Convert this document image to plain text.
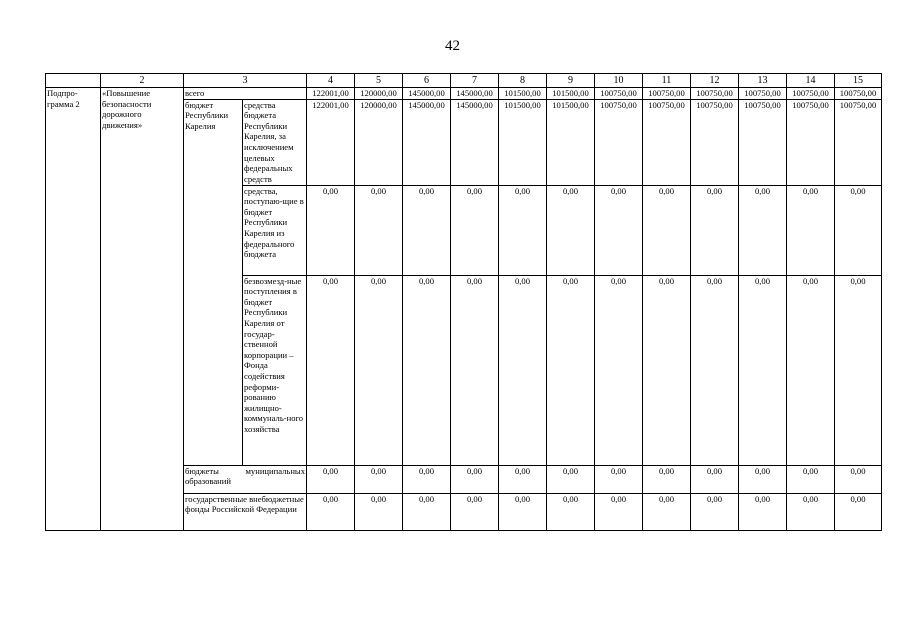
42
	2	3		4	5	6	7	8	9	10	11	12	13	14	15
Подпро-грамма 2	«Повышение безопасности дорожного движения»	всего		122001,00	120000,00	145000,00	145000,00	101500,00	101500,00	100750,00	100750,00	100750,00	100750,00	100750,00	100750,00
		бюджет Республики Карелия	средства бюджета Республики Карелия, за исключением целевых федеральных средств	122001,00	120000,00	145000,00	145000,00	101500,00	101500,00	100750,00	100750,00	100750,00	100750,00	100750,00	100750,00
			средства, поступаю-щие в бюджет Республики Карелия из федерального бюджета	0,00	0,00	0,00	0,00	0,00	0,00	0,00	0,00	0,00	0,00	0,00	0,00
			безвозмезд-ные поступления в бюджет Республики Карелия от государ-ственной корпорации – Фонда содействия реформи-рованию жилищно-коммуналь-ного хозяйства	0,00	0,00	0,00	0,00	0,00	0,00	0,00	0,00	0,00	0,00	0,00	0,00
		бюджеты муниципальных образований		0,00	0,00	0,00	0,00	0,00	0,00	0,00	0,00	0,00	0,00	0,00	0,00
		государственные внебюджетные фонды Российской Федерации		0,00	0,00	0,00	0,00	0,00	0,00	0,00	0,00	0,00	0,00	0,00	0,00
